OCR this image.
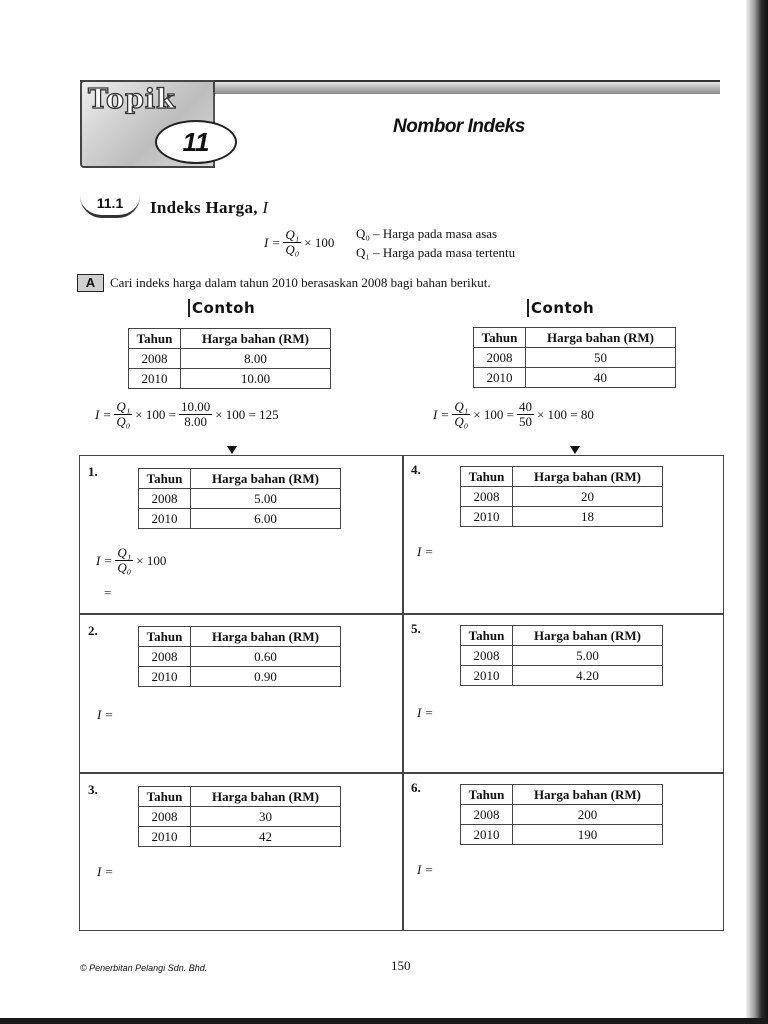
Topik
11
Nombor Indeks
11.1	Indeks Harga, I
$I = \frac{\text{Q₁}}{\text{Q₀}} \times 100$
Q₀ – Harga pada masa asas
Q₁ – Harga pada masa tertentu
A	Cari indeks harga dalam tahun 2010 berasaskan 2008 bagi bahan berikut.
Contoh
Tahun	Harga bahan (RM)
2008	8.00
2010	10.00
$I = \frac{\text{Q₁}}{\text{Q₀}} \times 100 = \frac{10.00}{8.00} \times 100 = 125$
Contoh
Tahun	Harga bahan (RM)
2008	50
2010	40
$I = \frac{\text{Q₁}}{\text{Q₀}} \times 100 = \frac{40}{50} \times 100 = 80$
1.	Tahun	Harga bahan (RM)
2008	5.00
2010	6.00
$I = \frac{\text{Q₁}}{\text{Q₀}} \times 100$
=
4.	Tahun	Harga bahan (RM)
2008	20
2010	18
I =
2.	Tahun	Harga bahan (RM)
2008	0.60
2010	0.90
I =
5.	Tahun	Harga bahan (RM)
2008	5.00
2010	4.20
I =
3.	Tahun	Harga bahan (RM)
2008	30
2010	42
I =
6.	Tahun	Harga bahan (RM)
2008	200
2010	190
I =
© Penerbitan Pelangi Sdn. Bhd.	150
